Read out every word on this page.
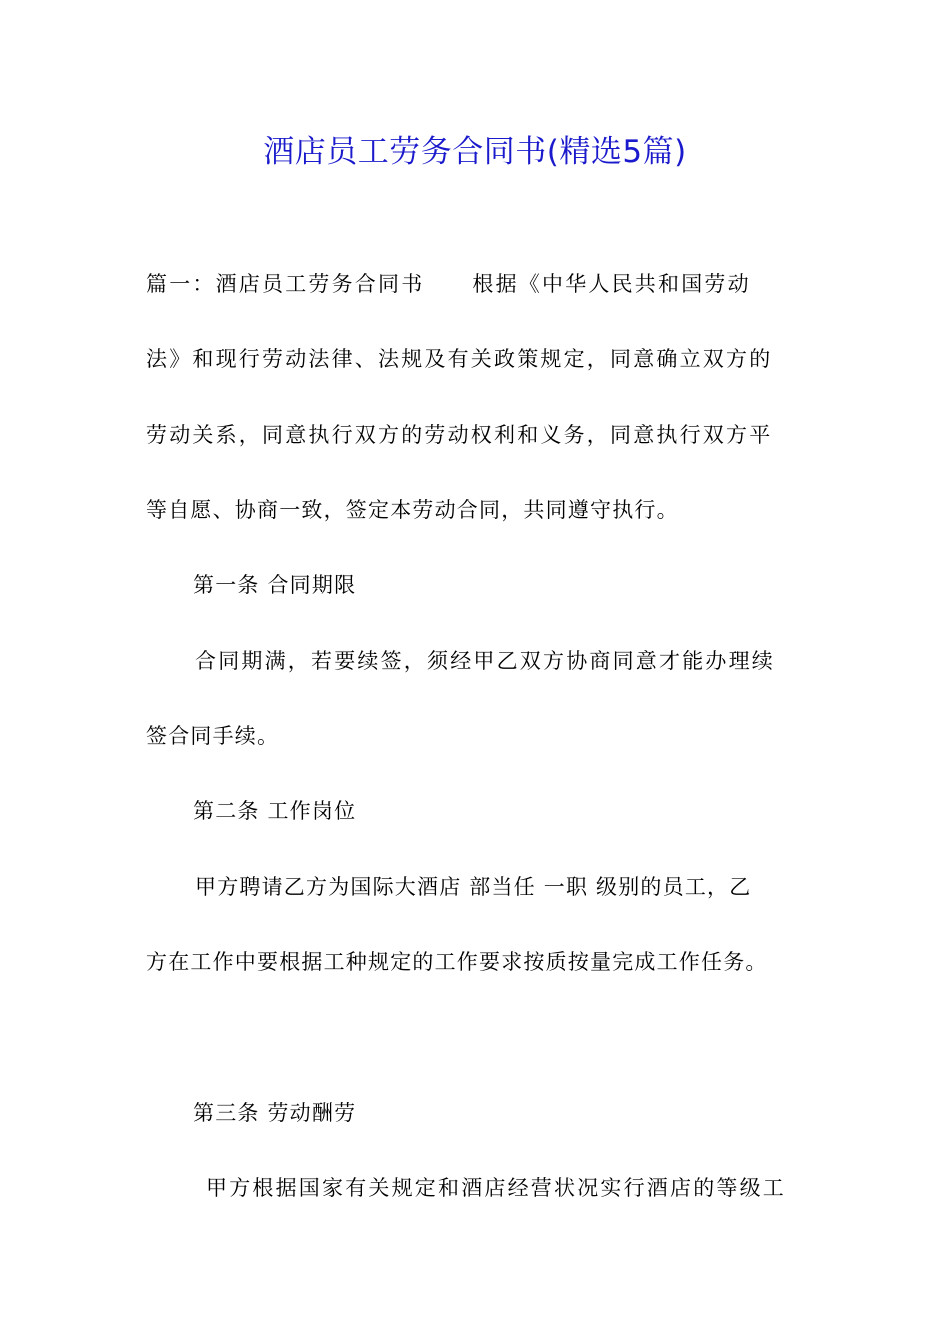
酒店员工劳务合同书(精选5篇)
篇一：酒店员工劳务合同书 根据《中华人民共和国劳动
法》和现行劳动法律、法规及有关政策规定，同意确立双方的
劳动关系，同意执行双方的劳动权利和义务，同意执行双方平
等自愿、协商一致，签定本劳动合同，共同遵守执行。
第一条 合同期限
合同期满，若要续签，须经甲乙双方协商同意才能办理续
签合同手续。
第二条 工作岗位
甲方聘请乙方为国际大酒店 部当任 一职 级别的员工，乙
方在工作中要根据工种规定的工作要求按质按量完成工作任务。
第三条 劳动酬劳
甲方根据国家有关规定和酒店经营状况实行酒店的等级工
